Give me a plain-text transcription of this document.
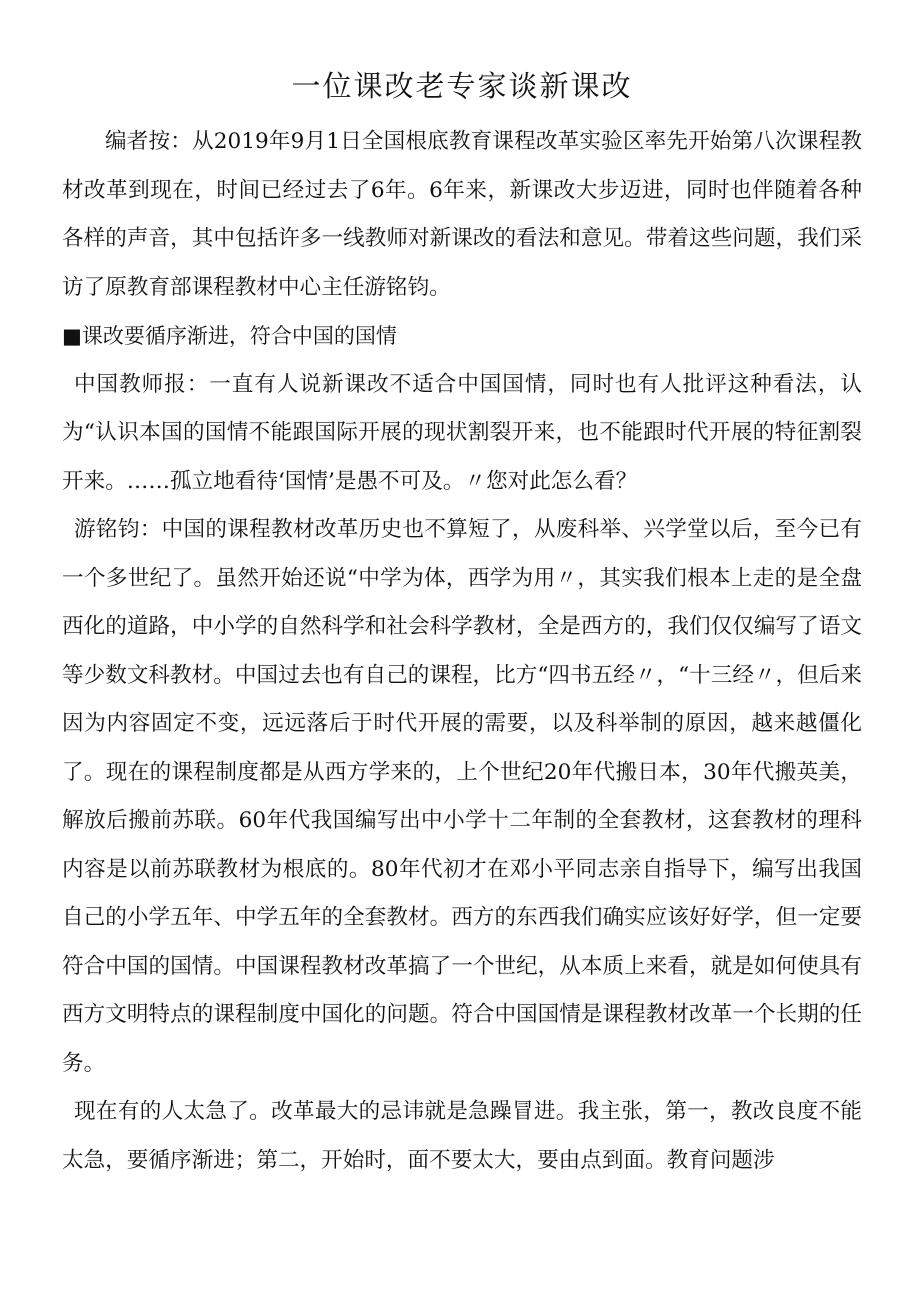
一位课改老专家谈新课改

编者按：从2019年9月1日全国根底教育课程改革实验区率先开始第八次课程教材改革到现在，时间已经过去了6年。6年来，新课改大步迈进，同时也伴随着各种各样的声音，其中包括许多一线教师对新课改的看法和意见。带着这些问题，我们采访了原教育部课程教材中心主任游铭钧。

■课改要循序渐进，符合中国的国情

中国教师报：一直有人说新课改不适合中国国情，同时也有人批评这种看法，认为“认识本国的国情不能跟国际开展的现状割裂开来，也不能跟时代开展的特征割裂开来。……孤立地看待‘国情’是愚不可及。〃您对此怎么看？

游铭钧：中国的课程教材改革历史也不算短了，从废科举、兴学堂以后，至今已有一个多世纪了。虽然开始还说“中学为体，西学为用〃，其实我们根本上走的是全盘西化的道路，中小学的自然科学和社会科学教材，全是西方的，我们仅仅编写了语文等少数文科教材。中国过去也有自己的课程，比方“四书五经〃，“十三经〃，但后来因为内容固定不变，远远落后于时代开展的需要，以及科举制的原因，越来越僵化了。现在的课程制度都是从西方学来的，上个世纪20年代搬日本，30年代搬英美，解放后搬前苏联。60年代我国编写出中小学十二年制的全套教材，这套教材的理科内容是以前苏联教材为根底的。80年代初才在邓小平同志亲自指导下，编写出我国自己的小学五年、中学五年的全套教材。西方的东西我们确实应该好好学，但一定要符合中国的国情。中国课程教材改革搞了一个世纪，从本质上来看，就是如何使具有西方文明特点的课程制度中国化的问题。符合中国国情是课程教材改革一个长期的任务。

现在有的人太急了。改革最大的忌讳就是急躁冒进。我主张，第一，教改良度不能太急，要循序渐进；第二，开始时，面不要太大，要由点到面。教育问题涉
